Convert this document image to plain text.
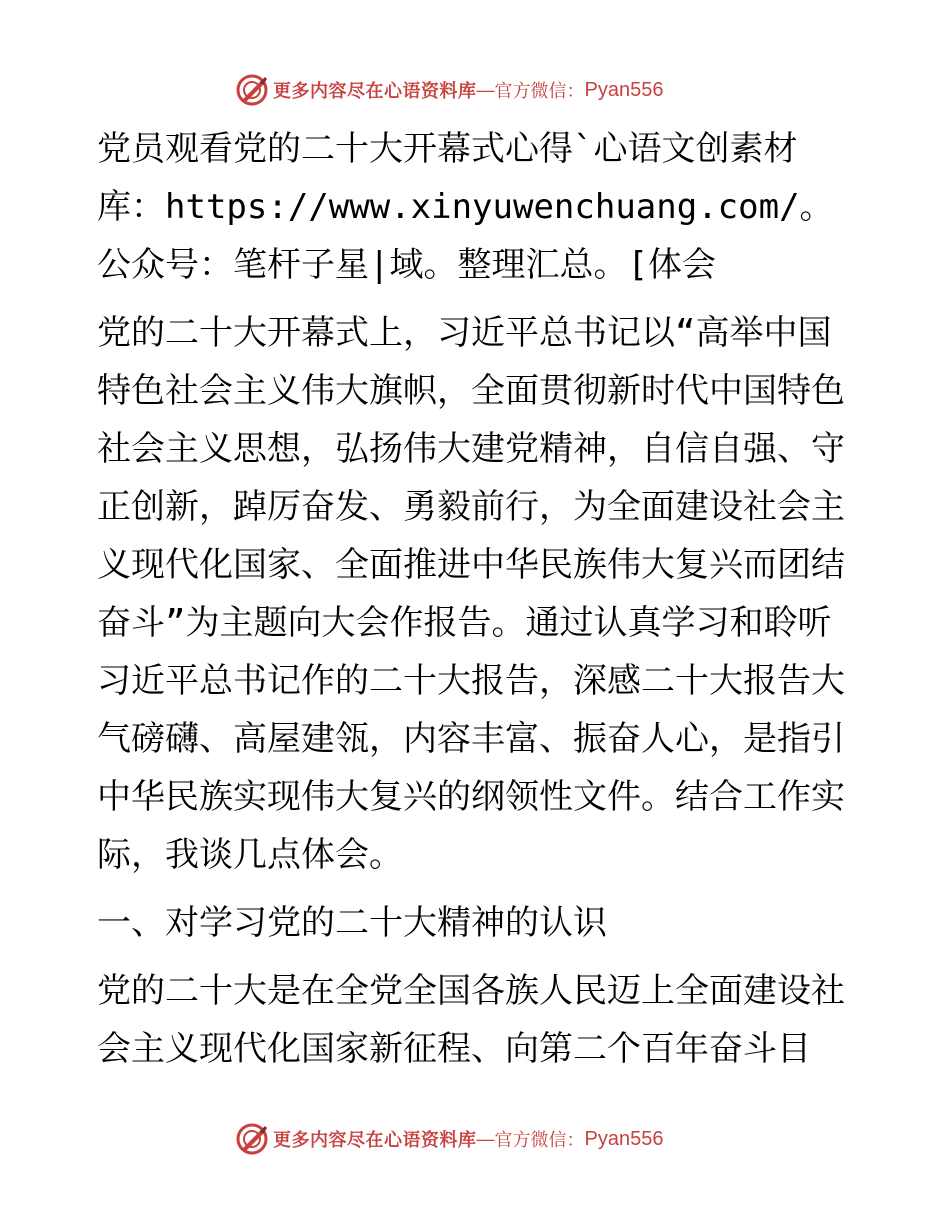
更多内容尽在心语资料库 — 官方微信： Pyan556

党员观看党的二十大开幕式心得`心语文创素材库：https://www.xinyuwenchuang.com/。公众号：笔杆子星|域。整理汇总。[体会

党的二十大开幕式上，习近平总书记以“高举中国特色社会主义伟大旗帜，全面贯彻新时代中国特色社会主义思想，弘扬伟大建党精神，自信自强、守正创新，踔厉奋发、勇毅前行，为全面建设社会主义现代化国家、全面推进中华民族伟大复兴而团结奋斗”为主题向大会作报告。通过认真学习和聆听习近平总书记作的二十大报告，深感二十大报告大气磅礴、高屋建瓴，内容丰富、振奋人心，是指引中华民族实现伟大复兴的纲领性文件。结合工作实际，我谈几点体会。

一、对学习党的二十大精神的认识

党的二十大是在全党全国各族人民迈上全面建设社会主义现代化国家新征程、向第二个百年奋斗目

更多内容尽在心语资料库 — 官方微信： Pyan556
